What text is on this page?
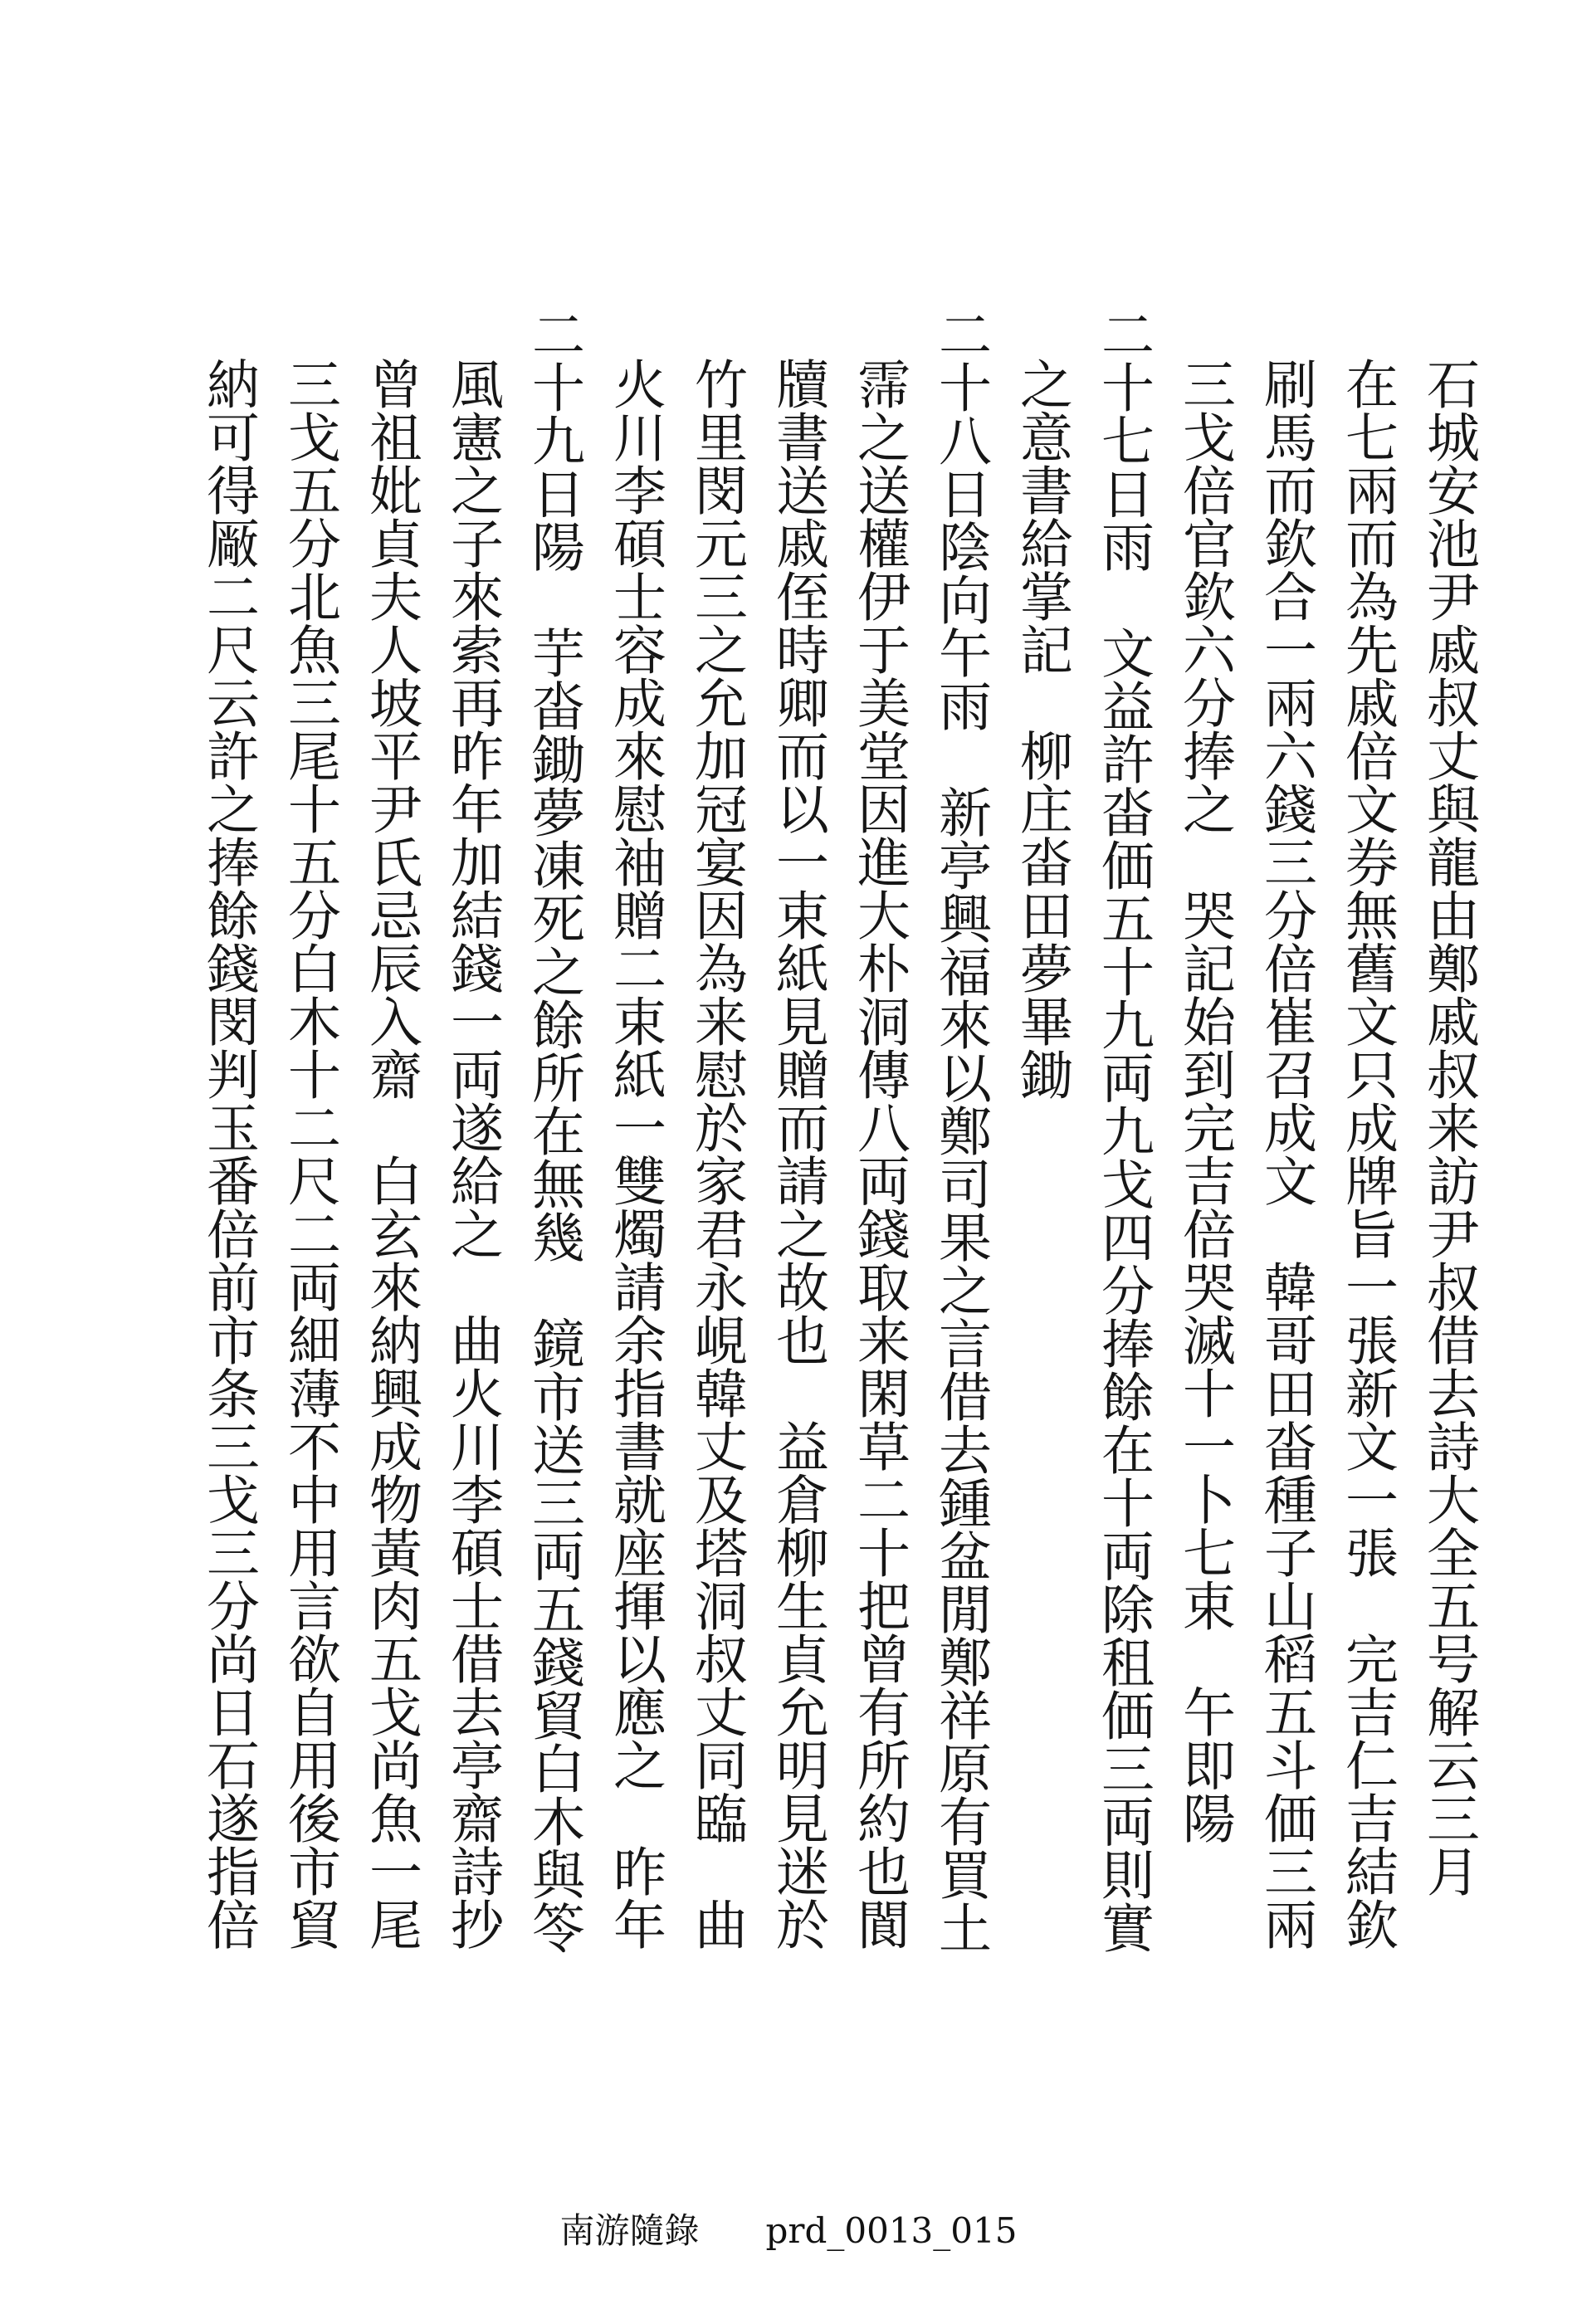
石城安池尹戚叔丈與龍由鄭戚叔来訪尹叔借去詩大全五号解云三月
在七兩而為先戚倍文券無舊文只成牌旨一張新文一張　完吉仁吉結欽
刷馬而欽合一兩六錢三分倍崔召成文　韓哥田畓種子山稻五斗価三兩
三戈倍官欽六分捧之　哭記始到完吉倍哭滅十一卜七束　午即陽
二十七日雨　文益許畓価五十九両九戈四分捧餘在十両除租価三両則實
之意書給掌記　柳庄畓田夢畢鋤
二十八日陰向午雨　新亭興福來以鄭司果之言借去鍾盆閒鄭祥原有買土
霈之送權伊于美堂因進大朴洞傳八両錢取来閑草二十把曾有所約也閬
牘書送戚侄時卿而以一束紙見贈而請之故也　益倉柳生貞允明見迷於
竹里閔元三之允加冠宴因為来慰於家君永峴韓丈及塔洞叔丈同臨　曲
火川李碩士容成來慰袖贈二束紙一雙燭請余指書就座揮以應之　昨年
二十九日陽　芋畓鋤夢凍死之餘所在無幾　鏡市送三両五錢貿白木與笭
風憲之子來索再昨年加結錢一両遂給之　曲火川李碩士借去亭齋詩抄
曾祖妣貞夫人坡平尹氏忌辰入齋　白玄來納興成物黃肉五戈尚魚一尾
三戈五分北魚三尾十五分白木十二尺二両細薄不中用言欲自用後市貿
納可得厰二尺云許之捧餘錢閔判玉番倍前市条三戈三分尚日石遂指倍
南游隨錄 prd_0013_015
